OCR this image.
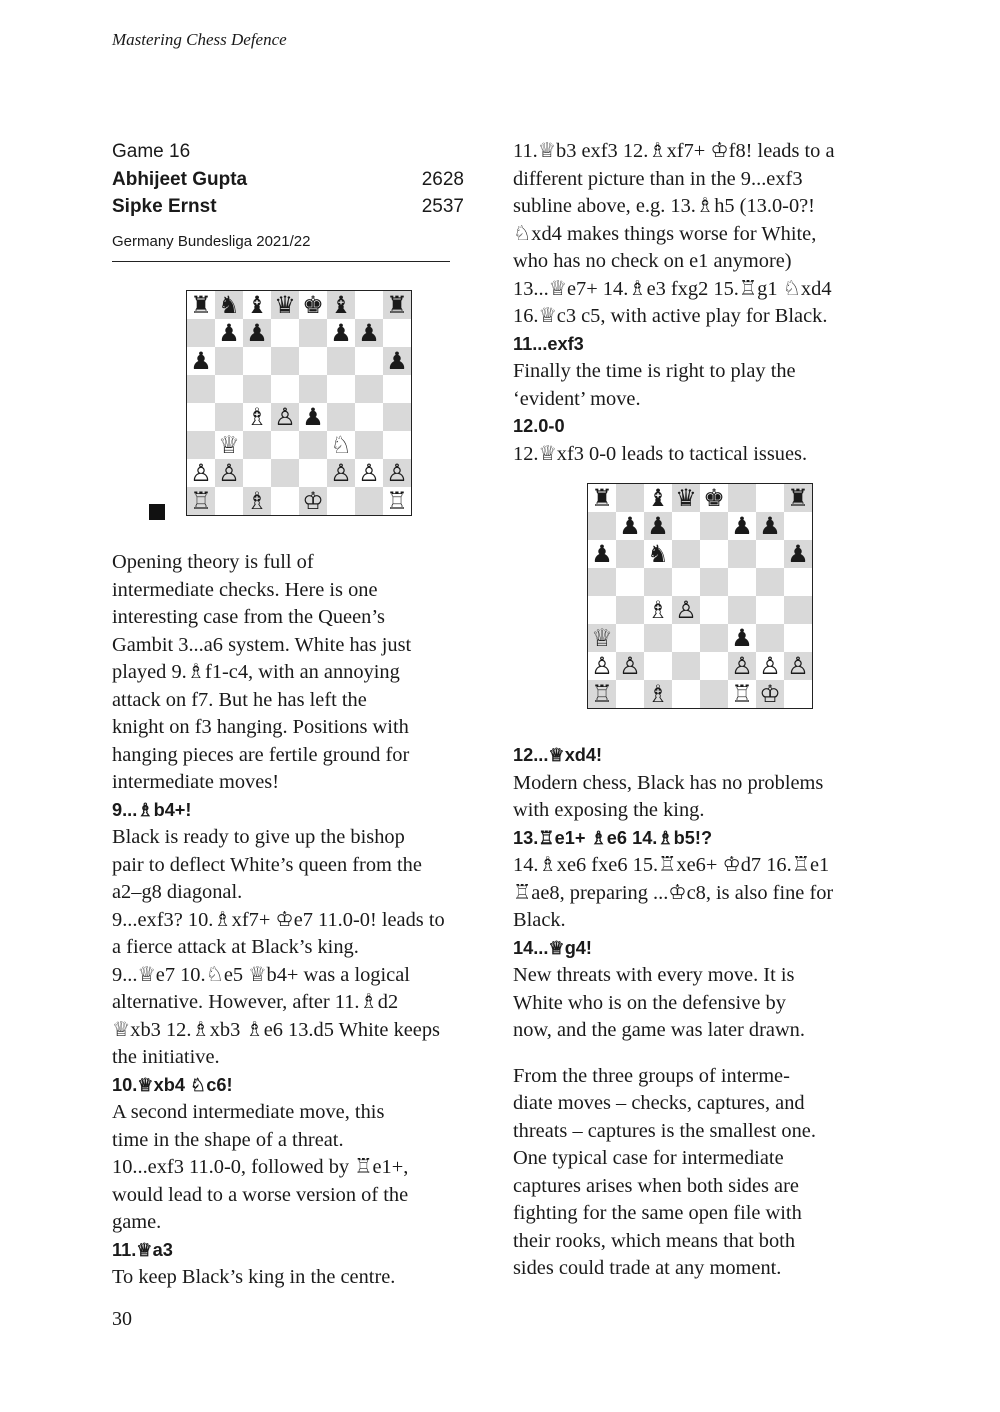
Mastering Chess Defence
Game 16
Abhijeet Gupta	2628
Sipke Ernst	2537
Germany Bundesliga 2021/22
♜ ♞ ♝ ♛ ♚ ♝ ♜
♟ ♟	♟ ♟
♟	♟
♗ ♙ ♟
♕	♘
♙ ♙	♙ ♙ ♙
♖ ♗ ♔	♖
Opening theory is full of
intermediate checks. Here is one
interesting case from the Queen’s
Gambit 3...a6 system. White has just
played 9.♗f1-c4, with an annoying
attack on f7. But he has left the
knight on f3 hanging. Positions with
hanging pieces are fertile ground for
intermediate moves!
9...♗b4+!
Black is ready to give up the bishop
pair to deflect White’s queen from the
a2–g8 diagonal.
9...exf3? 10.♗xf7+ ♔e7 11.0-0! leads to
a fierce attack at Black’s king.
9...♕e7 10.♘e5 ♕b4+ was a logical
alternative. However, after 11.♗d2
♕xb3 12.♗xb3 ♗e6 13.d5 White keeps
the initiative.
10.♕xb4 ♘c6!
A second intermediate move, this
time in the shape of a threat.
10...exf3 11.0-0, followed by ♖e1+,
would lead to a worse version of the
game.
11.♕a3
To keep Black’s king in the centre.
11.♕b3 exf3 12.♗xf7+ ♔f8! leads to a
different picture than in the 9...exf3
subline above, e.g. 13.♗h5 (13.0-0?!
♘xd4 makes things worse for White,
who has no check on e1 anymore)
13...♕e7+ 14.♗e3 fxg2 15.♖g1 ♘xd4
16.♕c3 c5, with active play for Black.
11...exf3
Finally the time is right to play the
‘evident’ move.
12.0-0
12.♕xf3 0-0 leads to tactical issues.
♜ ♝ ♛ ♚	♜
♟ ♟	♟ ♟
♟ ♞	♟
♗ ♙
♕	♟
♙ ♙	♙ ♙ ♙
♖ ♗	♖ ♔
12...♕xd4!
Modern chess, Black has no problems
with exposing the king.
13.♖e1+ ♗e6 14.♗b5!?
14.♗xe6 fxe6 15.♖xe6+ ♔d7 16.♖e1
♖ae8, preparing ...♔c8, is also fine for
Black.
14...♕g4!
New threats with every move. It is
White who is on the defensive by
now, and the game was later drawn.
From the three groups of interme-
diate moves – checks, captures, and
threats – captures is the smallest one.
One typical case for intermediate
captures arises when both sides are
fighting for the same open file with
their rooks, which means that both
sides could trade at any moment.
30
